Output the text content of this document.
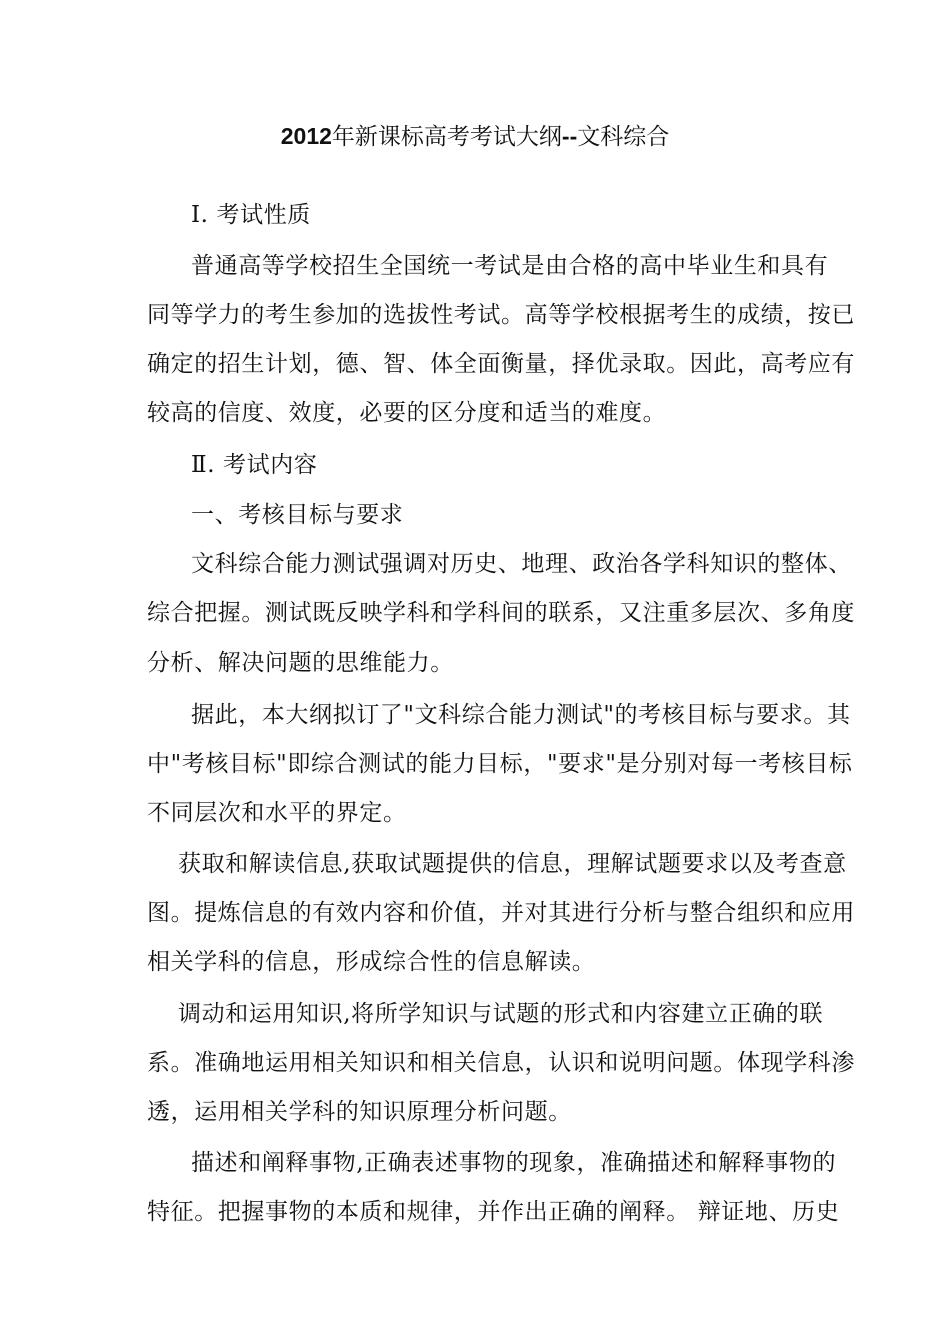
2012年新课标高考考试大纲--文科综合
Ⅰ. 考试性质
普通高等学校招生全国统一考试是由合格的高中毕业生和具有
同等学力的考生参加的选拔性考试。高等学校根据考生的成绩，按已
确定的招生计划，德、智、体全面衡量，择优录取。因此，高考应有
较高的信度、效度，必要的区分度和适当的难度。
Ⅱ. 考试内容
一、考核目标与要求
文科综合能力测试强调对历史、地理、政治各学科知识的整体、
综合把握。测试既反映学科和学科间的联系，又注重多层次、多角度
分析、解决问题的思维能力。
据此，本大纲拟订了"文科综合能力测试"的考核目标与要求。其
中"考核目标"即综合测试的能力目标，"要求"是分别对每一考核目标
不同层次和水平的界定。
获取和解读信息,获取试题提供的信息，理解试题要求以及考查意
图。提炼信息的有效内容和价值，并对其进行分析与整合组织和应用
相关学科的信息，形成综合性的信息解读。
调动和运用知识,将所学知识与试题的形式和内容建立正确的联
系。准确地运用相关知识和相关信息，认识和说明问题。体现学科渗
透，运用相关学科的知识原理分析问题。
描述和阐释事物,正确表述事物的现象，准确描述和解释事物的
特征。把握事物的本质和规律，并作出正确的阐释。 辩证地、历史
